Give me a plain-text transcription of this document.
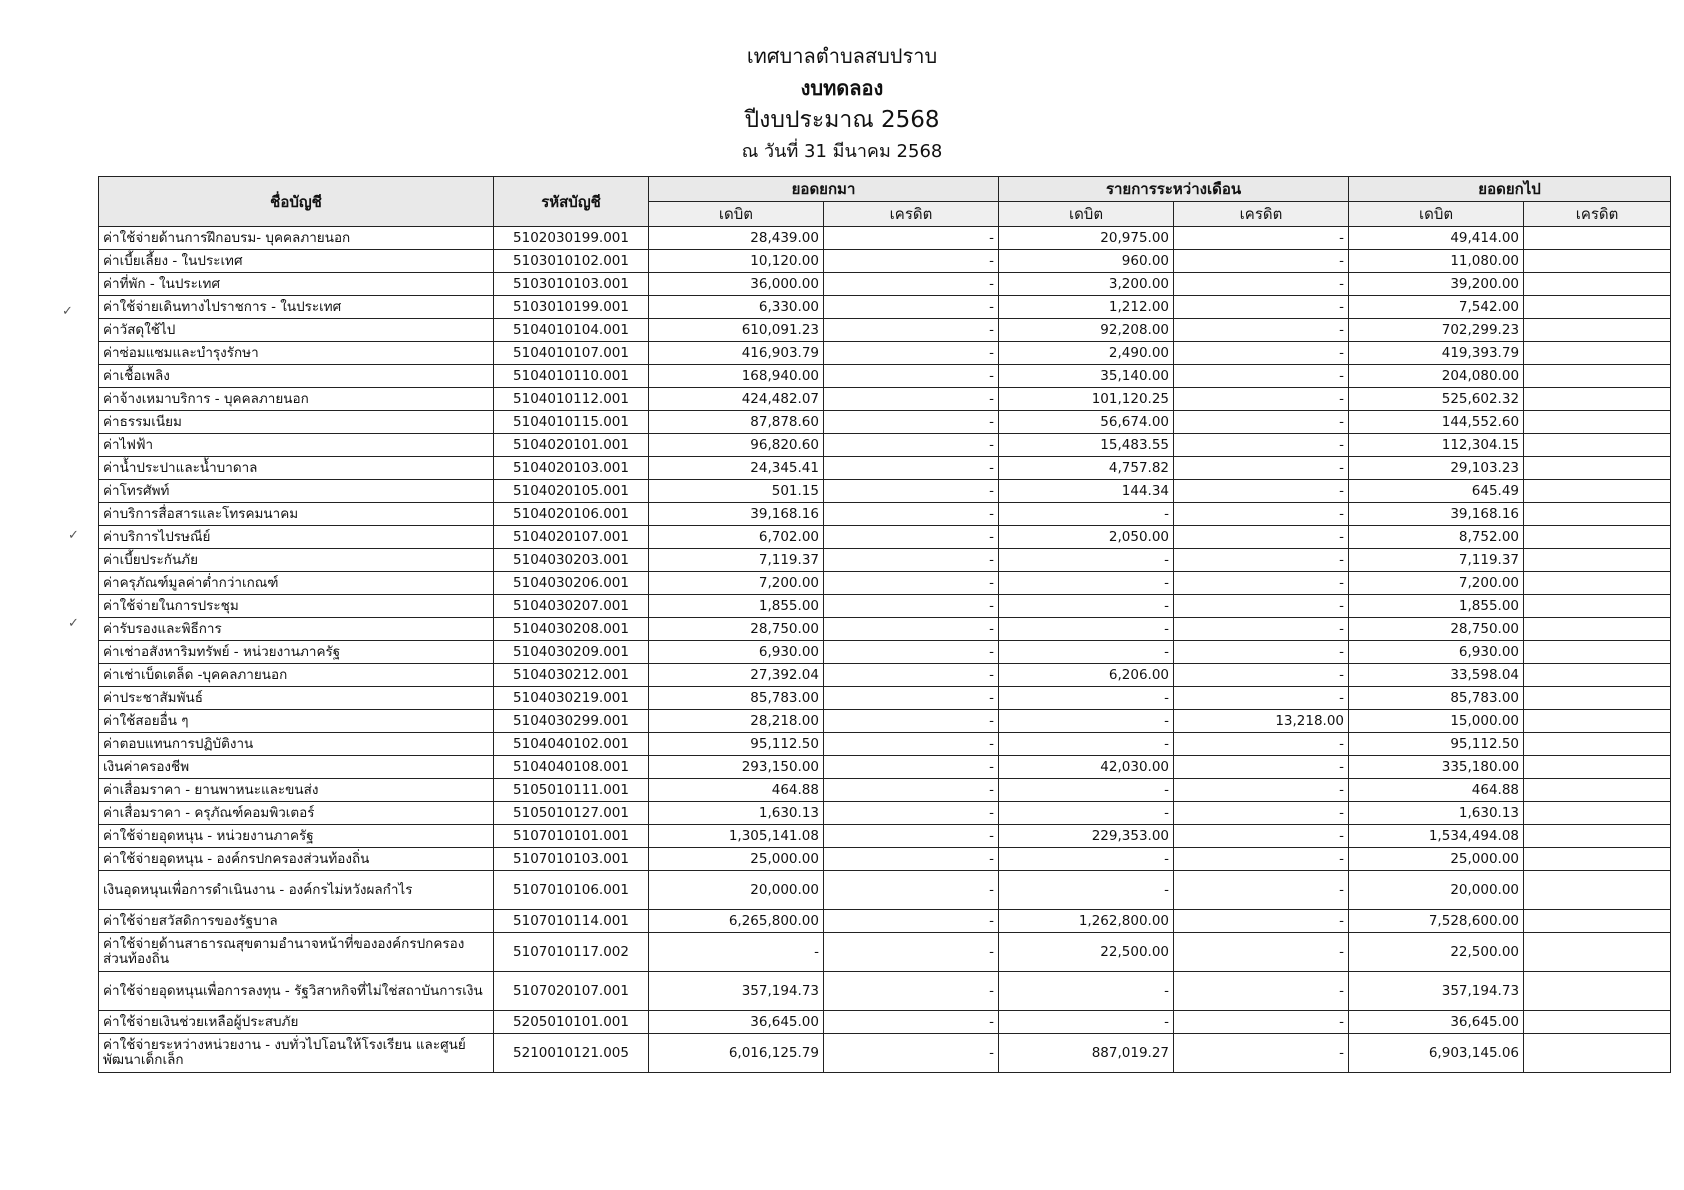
เทศบาลตำบลสบปราบ
งบทดลอง
ปีงบประมาณ 2568
ณ วันที่ 31 มีนาคม 2568
ชื่อบัญชี	รหัสบัญชี	ยอดยกมา		รายการระหว่างเดือน		ยอดยกไป	
		เดบิต	เครดิต	เดบิต	เครดิต	เดบิต	เครดิต
ค่าใช้จ่ายด้านการฝึกอบรม- บุคคลภายนอก	5102030199.001	28,439.00	-	20,975.00	-	49,414.00	
ค่าเบี้ยเลี้ยง - ในประเทศ	5103010102.001	10,120.00	-	960.00	-	11,080.00	
ค่าที่พัก - ในประเทศ	5103010103.001	36,000.00	-	3,200.00	-	39,200.00	
ค่าใช้จ่ายเดินทางไปราชการ - ในประเทศ	5103010199.001	6,330.00	-	1,212.00	-	7,542.00	
ค่าวัสดุใช้ไป	5104010104.001	610,091.23	-	92,208.00	-	702,299.23	
ค่าซ่อมแซมและบำรุงรักษา	5104010107.001	416,903.79	-	2,490.00	-	419,393.79	
ค่าเชื้อเพลิง	5104010110.001	168,940.00	-	35,140.00	-	204,080.00	
ค่าจ้างเหมาบริการ - บุคคลภายนอก	5104010112.001	424,482.07	-	101,120.25	-	525,602.32	
ค่าธรรมเนียม	5104010115.001	87,878.60	-	56,674.00	-	144,552.60	
ค่าไฟฟ้า	5104020101.001	96,820.60	-	15,483.55	-	112,304.15	
ค่าน้ำประปาและน้ำบาดาล	5104020103.001	24,345.41	-	4,757.82	-	29,103.23	
ค่าโทรศัพท์	5104020105.001	501.15	-	144.34	-	645.49	
ค่าบริการสื่อสารและโทรคมนาคม	5104020106.001	39,168.16	-	-	-	39,168.16	
ค่าบริการไปรษณีย์	5104020107.001	6,702.00	-	2,050.00	-	8,752.00	
ค่าเบี้ยประกันภัย	5104030203.001	7,119.37	-	-	-	7,119.37	
ค่าครุภัณฑ์มูลค่าต่ำกว่าเกณฑ์	5104030206.001	7,200.00	-	-	-	7,200.00	
ค่าใช้จ่ายในการประชุม	5104030207.001	1,855.00	-	-	-	1,855.00	
ค่ารับรองและพิธีการ	5104030208.001	28,750.00	-	-	-	28,750.00	
ค่าเช่าอสังหาริมทรัพย์ - หน่วยงานภาครัฐ	5104030209.001	6,930.00	-	-	-	6,930.00	
ค่าเช่าเบ็ดเตล็ด -บุคคลภายนอก	5104030212.001	27,392.04	-	6,206.00	-	33,598.04	
ค่าประชาสัมพันธ์	5104030219.001	85,783.00	-	-	-	85,783.00	
ค่าใช้สอยอื่น ๆ	5104030299.001	28,218.00	-	-	13,218.00	15,000.00	
ค่าตอบแทนการปฏิบัติงาน	5104040102.001	95,112.50	-	-	-	95,112.50	
เงินค่าครองชีพ	5104040108.001	293,150.00	-	42,030.00	-	335,180.00	
ค่าเสื่อมราคา - ยานพาหนะและขนส่ง	5105010111.001	464.88	-	-	-	464.88	
ค่าเสื่อมราคา - ครุภัณฑ์คอมพิวเตอร์	5105010127.001	1,630.13	-	-	-	1,630.13	
ค่าใช้จ่ายอุดหนุน - หน่วยงานภาครัฐ	5107010101.001	1,305,141.08	-	229,353.00	-	1,534,494.08	
ค่าใช้จ่ายอุดหนุน - องค์กรปกครองส่วนท้องถิ่น	5107010103.001	25,000.00	-	-	-	25,000.00	
เงินอุดหนุนเพื่อการดำเนินงาน - องค์กรไม่หวังผลกำไร	5107010106.001	20,000.00	-	-	-	20,000.00	
ค่าใช้จ่ายสวัสดิการของรัฐบาล	5107010114.001	6,265,800.00	-	1,262,800.00	-	7,528,600.00	
ค่าใช้จ่ายด้านสาธารณสุขตามอำนาจหน้าที่ขององค์กรปกครองส่วนท้องถิ่น	5107010117.002	-	-	22,500.00	-	22,500.00	
ค่าใช้จ่ายอุดหนุนเพื่อการลงทุน - รัฐวิสาหกิจที่ไม่ใช่สถาบันการเงิน	5107020107.001	357,194.73	-	-	-	357,194.73	
ค่าใช้จ่ายเงินช่วยเหลือผู้ประสบภัย	5205010101.001	36,645.00	-	-	-	36,645.00	
ค่าใช้จ่ายระหว่างหน่วยงาน - งบทั่วไปโอนให้โรงเรียน และศูนย์พัฒนาเด็กเล็ก	5210010121.005	6,016,125.79	-	887,019.27	-	6,903,145.06	
✓
✓
✓
